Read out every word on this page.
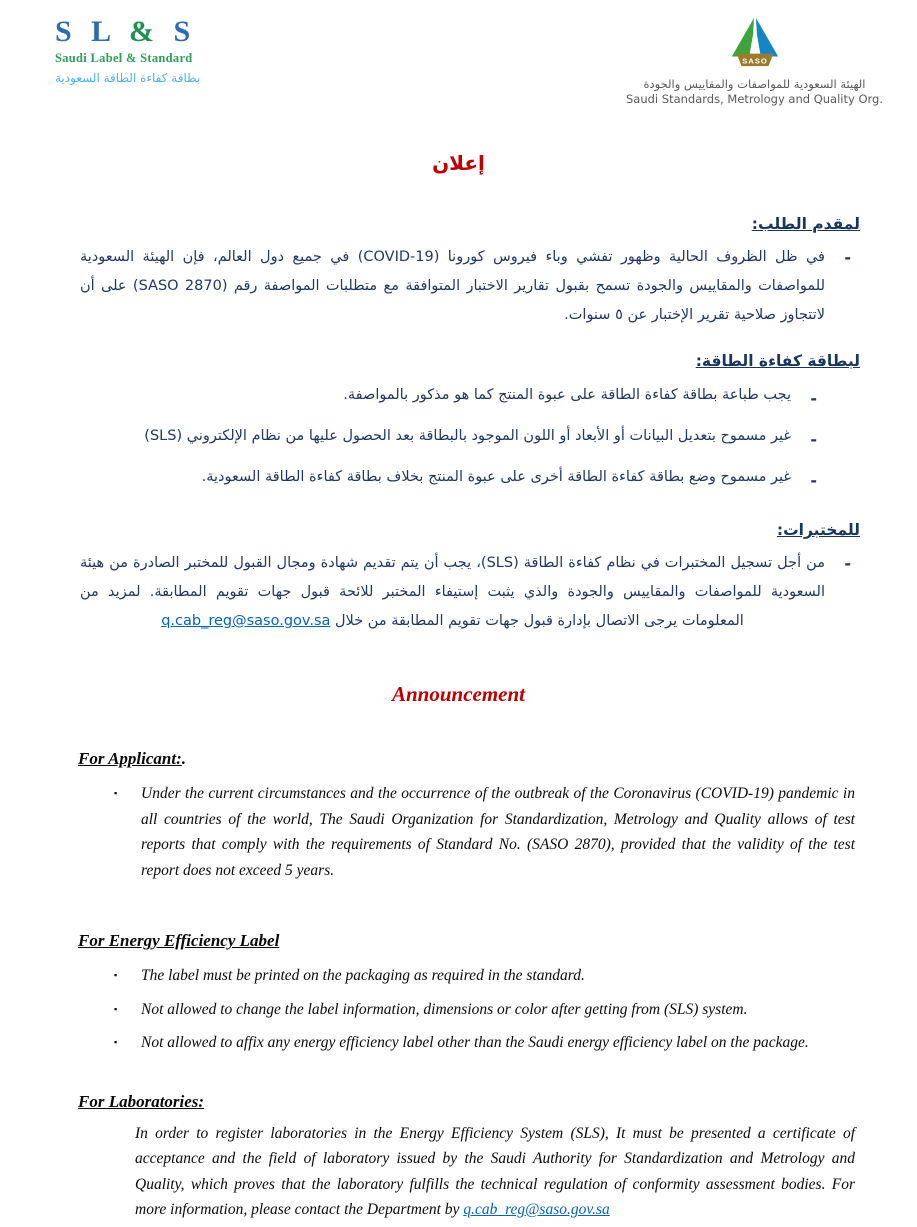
S L & S
Saudi Label & Standard
بطاقة كفاءة الطاقة السعودية
SASO
الهيئة السعودية للمواصفات والمقاييس والجودة
Saudi Standards, Metrology and Quality Org.
إعلان
لمقدم الطلب:
-
في ظل الظروف الحالية وظهور تفشي وباء فيروس كورونا (COVID-19) في جميع دول العالم، فإن الهيئة السعودية للمواصفات والمقاييس والجودة تسمح بقبول تقارير الاختبار المتوافقة مع متطلبات المواصفة رقم (SASO 2870) على أن لاتتجاوز صلاحية تقرير الإختبار عن ٥ سنوات.
لبطاقة كفاءة الطاقة:
-
يجب طباعة بطاقة كفاءة الطاقة على عبوة المنتج كما هو مذكور بالمواصفة.
-
غير مسموح بتعديل البيانات أو الأبعاد أو اللون الموجود بالبطاقة بعد الحصول عليها من نظام الإلكتروني (SLS)
-
غير مسموح وضع بطاقة كفاءة الطاقة أخرى على عبوة المنتج بخلاف بطاقة كفاءة الطاقة السعودية.
للمختبرات:
-
من أجل تسجيل المختبرات في نظام كفاءة الطاقة (SLS)، يجب أن يتم تقديم شهادة ومجال القبول للمختبر الصادرة من هيئة السعودية للمواصفات والمقاييس والجودة والذي يثبت إستيفاء المختبر للائحة قبول جهات تقويم المطابقة. لمزيد من المعلومات يرجى الاتصال بإدارة قبول جهات تقويم المطابقة من خلال q.cab_reg@saso.gov.sa
Announcement
For Applicant:.
▪	Under the current circumstances and the occurrence of the outbreak of the Coronavirus (COVID-19) pandemic in all countries of the world, The Saudi Organization for Standardization, Metrology and Quality allows of test reports that comply with the requirements of Standard No. (SASO 2870), provided that the validity of the test report does not exceed 5 years.
For Energy Efficiency Label
▪	The label must be printed on the packaging as required in the standard.
▪	Not allowed to change the label information, dimensions or color after getting from (SLS) system.
▪	Not allowed to affix any energy efficiency label other than the Saudi energy efficiency label on the package.
For Laboratories:
In order to register laboratories in the Energy Efficiency System (SLS), It must be presented a certificate of acceptance and the field of laboratory issued by the Saudi Authority for Standardization and Metrology and Quality, which proves that the laboratory fulfills the technical regulation of conformity assessment bodies. For more information, please contact the Department by q.cab_reg@saso.gov.sa
